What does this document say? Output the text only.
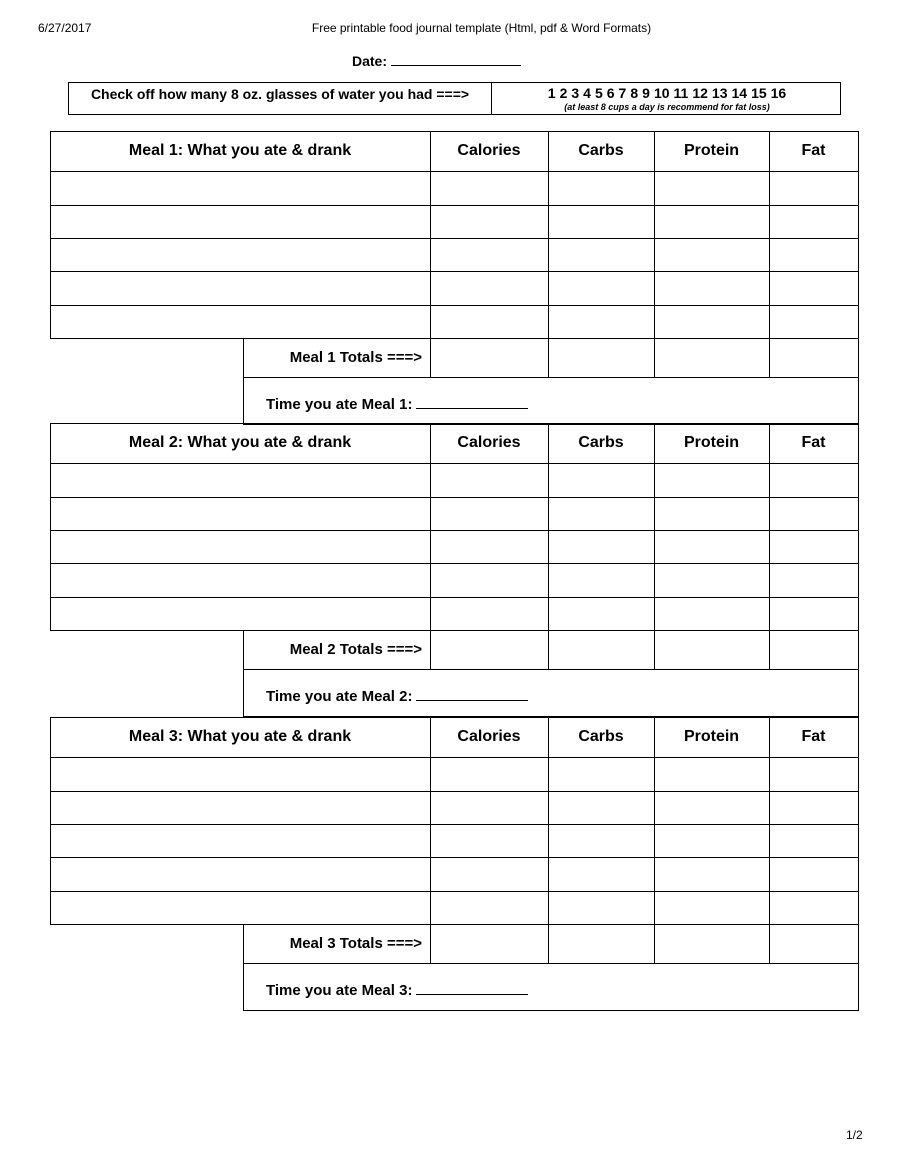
6/27/2017	Free printable food journal template (Html, pdf & Word Formats)
Date:
Check off how many 8 oz. glasses of water you had ===>	1 2 3 4 5 6 7 8 9 10 11 12 13 14 15 16
(at least 8 cups a day is recommend for fat loss)
Meal 1: What you ate & drank	Calories	Carbs	Protein	Fat
Meal 1 Totals ===>
Time you ate Meal 1:
Meal 2: What you ate & drank	Calories	Carbs	Protein	Fat
Meal 2 Totals ===>
Time you ate Meal 2:
Meal 3: What you ate & drank	Calories	Carbs	Protein	Fat
Meal 3 Totals ===>
Time you ate Meal 3:
1/2
